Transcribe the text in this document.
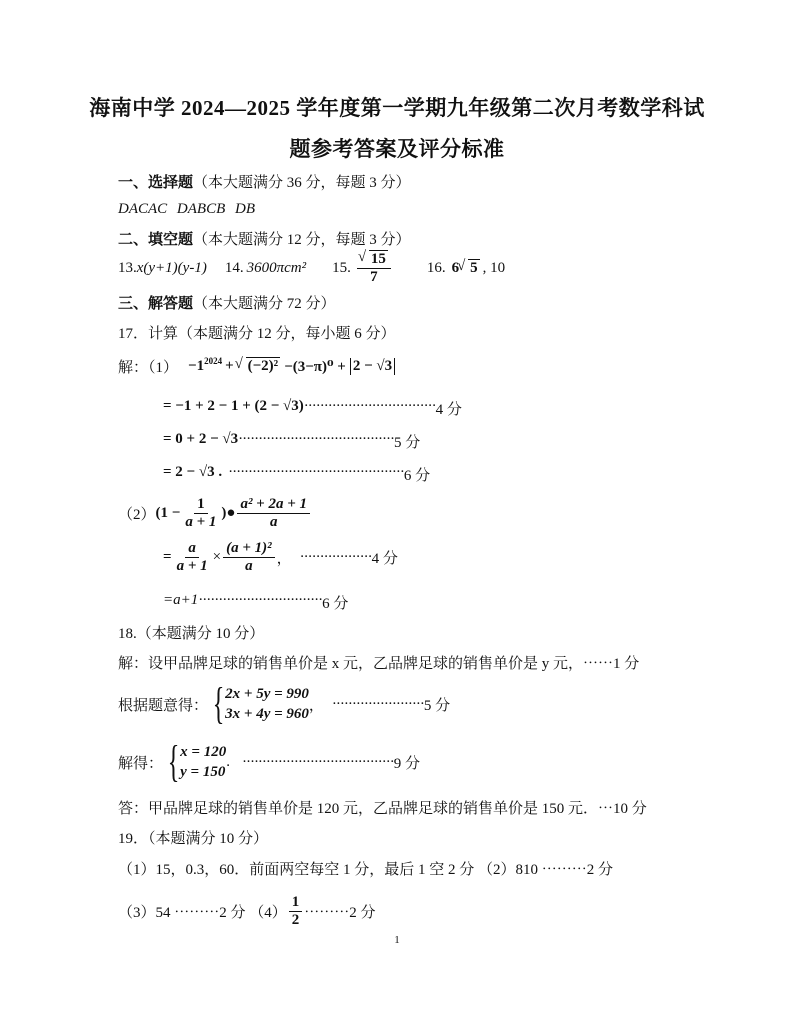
海南中学 2024—2025 学年度第一学期九年级第二次月考数学科试
题参考答案及评分标准
一、选择题（本大题满分 36 分，每题 3 分）
DACAC DABCB DB
二、填空题（本大题满分 12 分，每题 3 分）
13. x(y+1)(y-1) 14. 3600πcm² 15. √ $\frac{15}{7} 16$. 6 √ 5 , 10
三、解答题（本大题满分 72 分）
17．计算（本题满分 12 分，每小题 6 分）
解：$(1) -1^{2024}$ + √ (−2)² −(3−π)⁰ + 2 − √3
= −1 + 2 − 1 + (2 − √3) ································· 4 分
= 0 + 2 − √3 ······································· 5 分
= 2 − √3 . ············································ 6 分
（2） ($1 - \frac{1}{a + 1}$ )● $\frac{\text{a² + 2a + 1}}{a}$
= $\frac{a}{a + 1} \times \frac{\text{(a + 1)²}}{a}$ ， ·················· 4 分
=a+1 ······························· 6 分
18.（本题满分 10 分）
解：设甲品牌足球的销售单价是 x 元，乙品牌足球的销售单价是 y 元，⋯⋯1 分
根据题意得： { 2x + 5y = 990
3x + 4y = 960
， ······················· 5 分
解得： { x = 120
y = 150
. ······································ 9 分
答：甲品牌足球的销售单价是 120 元，乙品牌足球的销售单价是 150 元．⋯10 分
19．（本题满分 10 分）
（1）15，0.3，60．前面两空每空 1 分，最后 1 空 2 分 （2）810 ⋯⋯⋯2 分
（3）54 ⋯⋯⋯2 分 $(4) \frac{1}{2}$ ⋯⋯⋯2 分
1
